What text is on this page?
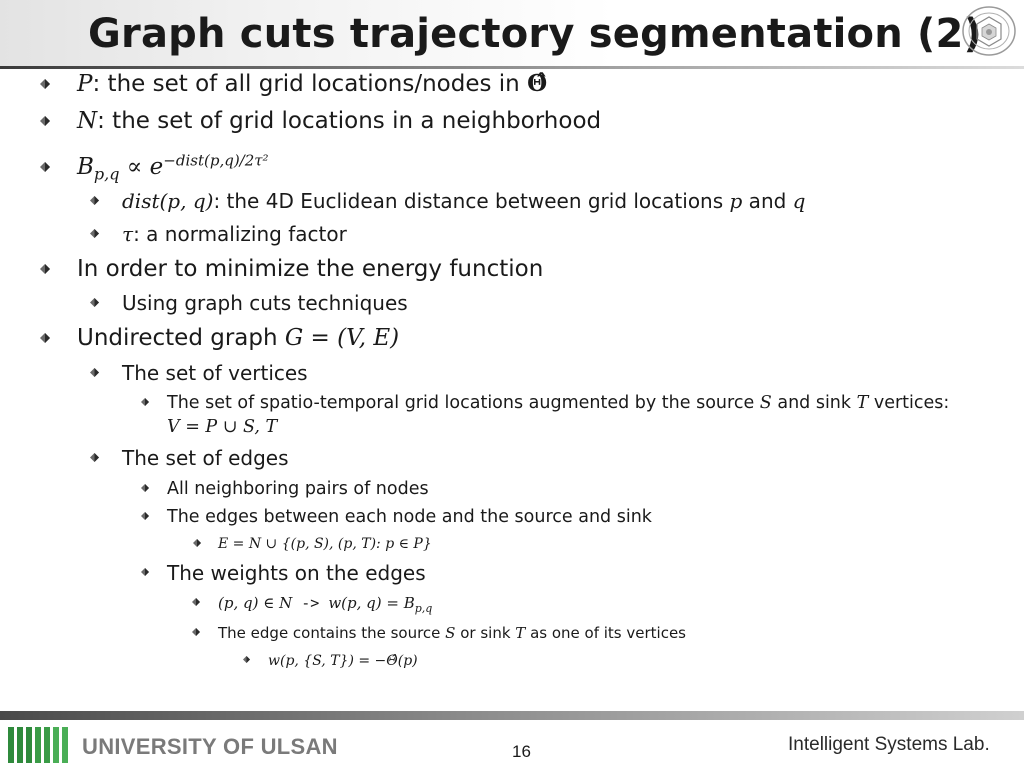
Graph cuts trajectory segmentation (2)
P: the set of all grid locations/nodes in Θ̂
N: the set of grid locations in a neighborhood
$B_{p,q} \propto e^{-dist(p,q)/2\tau^2}$
dist(p, q): the 4D Euclidean distance between grid locations p and q
τ: a normalizing factor
In order to minimize the energy function
Using graph cuts techniques
Undirected graph G = (V, E)
The set of vertices
The set of spatio-temporal grid locations augmented by the source S and sink T vertices:
V = P ∪ S, T
The set of edges
All neighboring pairs of nodes
The edges between each node and the source and sink
E = N ∪ {(p, S), (p, T): p ∈ P}
The weights on the edges
(p, q) ∈ N -> w(p, $q) = B_{p,q}$
The edge contains the source S or sink T as one of its vertices
w(p, {S, T}) = −Θ̂(p)
UNIVERSITY OF ULSAN	16	Intelligent Systems Lab.
